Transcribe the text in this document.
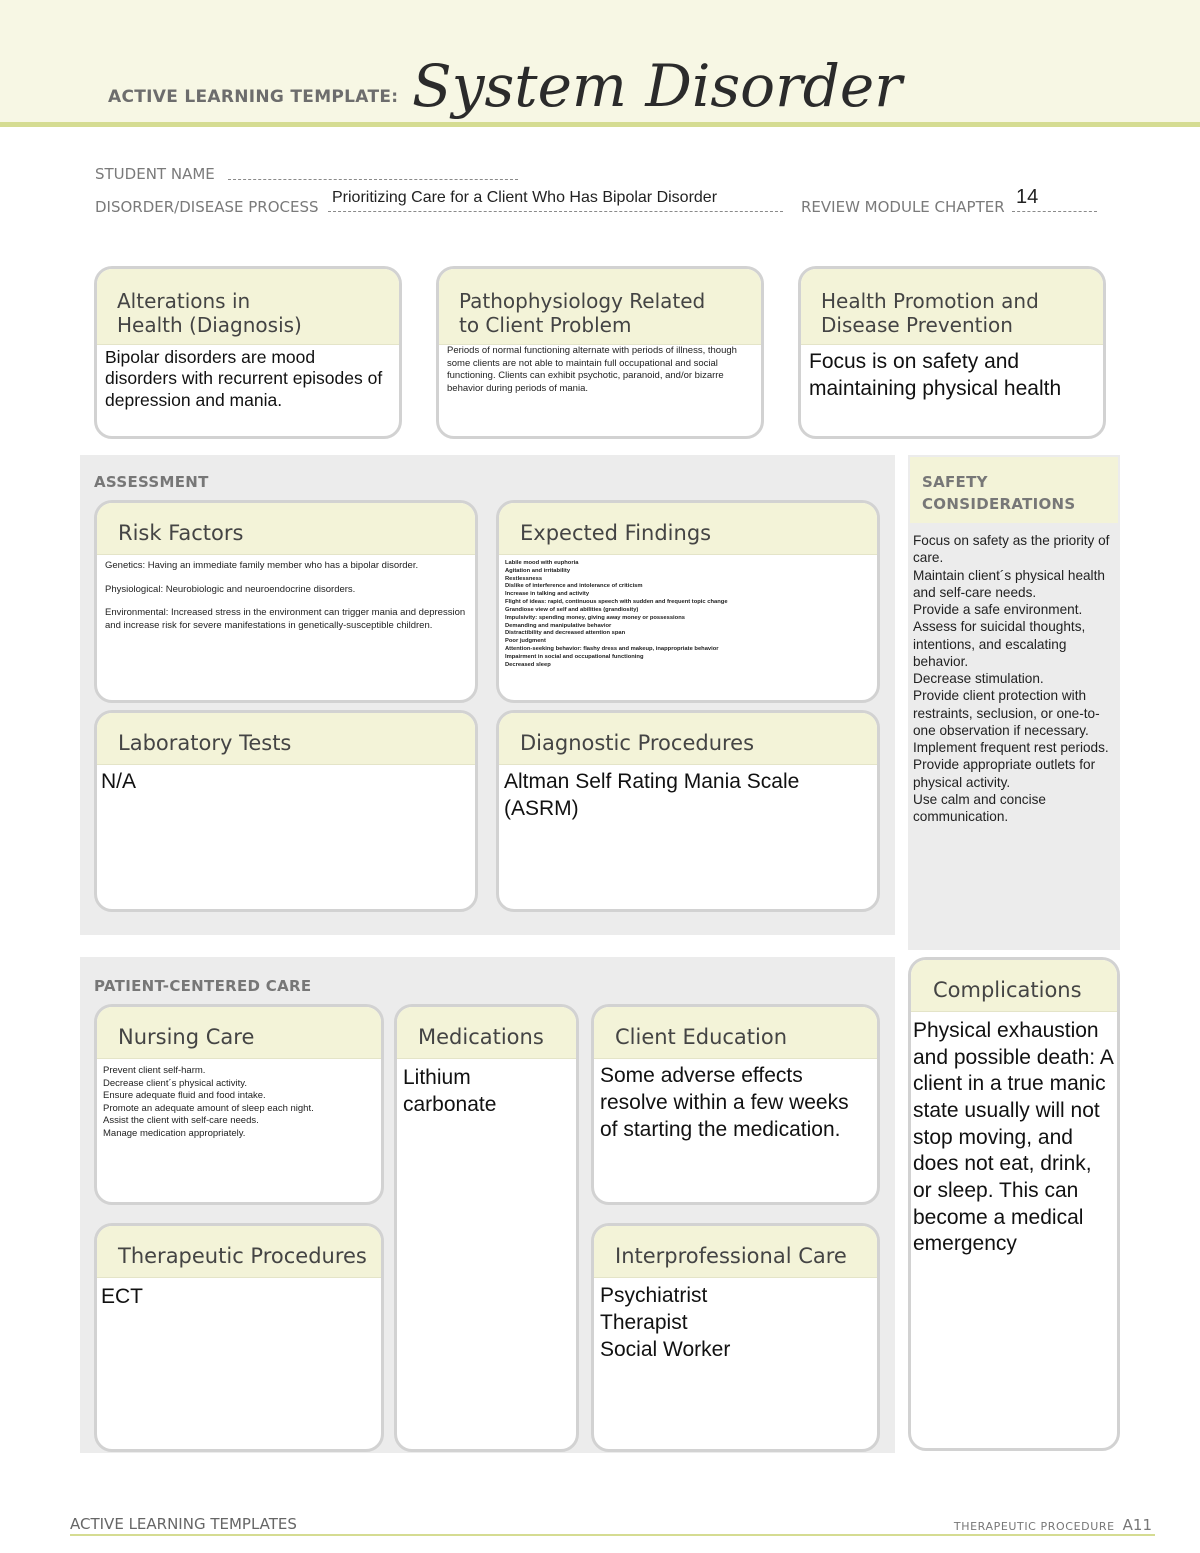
ACTIVE LEARNING TEMPLATE: System Disorder
STUDENT NAME
DISORDER/DISEASE PROCESS
Prioritizing Care for a Client Who Has Bipolar Disorder
REVIEW MODULE CHAPTER 14
Alterations in
Health (Diagnosis)
Bipolar disorders are mood disorders with recurrent episodes of depression and mania.
Pathophysiology Related
to Client Problem
Periods of normal functioning alternate with periods of illness, though some clients are not able to maintain full occupational and social functioning. Clients can exhibit psychotic, paranoid, and/or bizarre behavior during periods of mania.
Health Promotion and
Disease Prevention
Focus is on safety and maintaining physical health
ASSESSMENT
Risk Factors

Genetics: Having an immediate family member who has a bipolar disorder.

Physiological: Neurobiologic and neuroendocrine disorders.

Environmental: Increased stress in the environment can trigger mania and depression and increase risk for severe manifestations in genetically-susceptible children.

Expected Findings
Labile mood with euphoria
Agitation and irritability
Restlessness
Dislike of interference and intolerance of criticism
Increase in talking and activity
Flight of ideas: rapid, continuous speech with sudden and frequent topic change
Grandiose view of self and abilities (grandiosity)
Impulsivity: spending money, giving away money or possessions
Demanding and manipulative behavior
Distractibility and decreased attention span
Poor judgment
Attention-seeking behavior: flashy dress and makeup, inappropriate behavior
Impairment in social and occupational functioning
Decreased sleep
Laboratory Tests
N/A
Diagnostic Procedures
Altman Self Rating Mania Scale (ASRM)
SAFETY
CONSIDERATIONS
Focus on safety as the priority of care.
Maintain client´s physical health and self-care needs.
Provide a safe environment.
Assess for suicidal thoughts, intentions, and escalating behavior.
Decrease stimulation.
Provide client protection with restraints, seclusion, or one-to-one observation if necessary.
Implement frequent rest periods.
Provide appropriate outlets for physical activity.
Use calm and concise communication.
PATIENT-CENTERED CARE
Nursing Care
Prevent client self-harm.
Decrease client´s physical activity.
Ensure adequate fluid and food intake.
Promote an adequate amount of sleep each night.
Assist the client with self-care needs.
Manage medication appropriately.
Medications
Lithium
carbonate
Client Education
Some adverse effects resolve within a few weeks of starting the medication.
Therapeutic Procedures
ECT
Interprofessional Care
Psychiatrist
Therapist
Social Worker
Complications
Physical exhaustion and possible death: A client in a true manic state usually will not stop moving, and does not eat, drink, or sleep. This can become a medical emergency
ACTIVE LEARNING TEMPLATES	THERAPEUTIC PROCEDURE A11
